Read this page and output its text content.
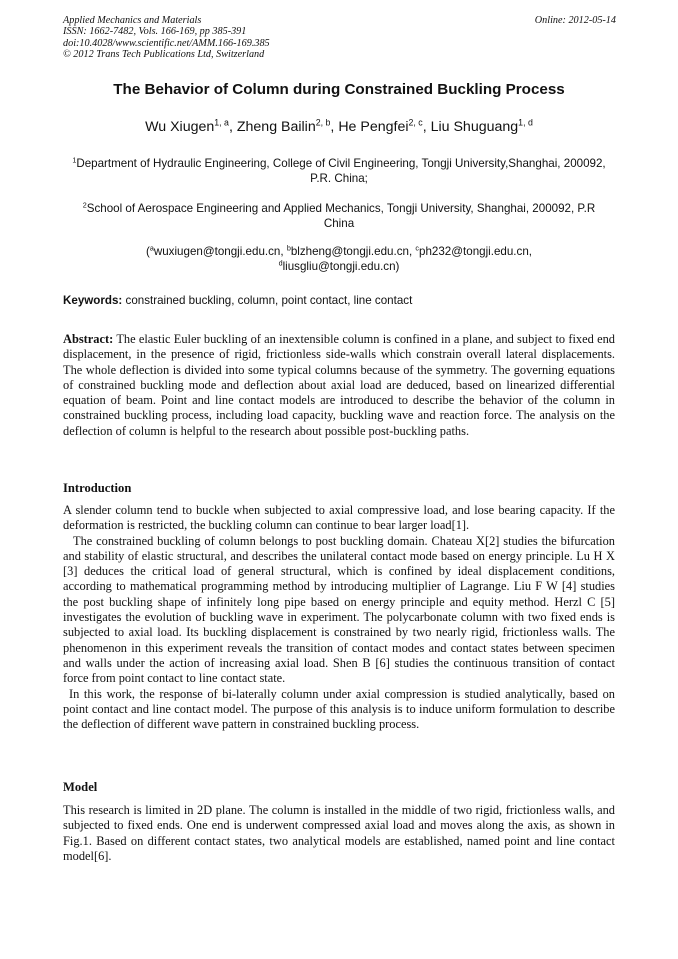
Applied Mechanics and Materials
ISSN: 1662-7482, Vols. 166-169, pp 385-391
doi:10.4028/www.scientific.net/AMM.166-169.385
© 2012 Trans Tech Publications Ltd, Switzerland
Online: 2012-05-14
The Behavior of Column during Constrained Buckling Process
Wu Xiugen$^{1, a}$, Zheng Bailin$^{2, b}$, He Pengfei$^{2, c}$, Liu Shuguang$^{1, d}$
$^1$Department of Hydraulic Engineering, College of Civil Engineering, Tongji University,Shanghai, 200092, P.R. China;
$^2$School of Aerospace Engineering and Applied Mechanics, Tongji University, Shanghai, 200092, P.R China
($^a$wuxiugen@tongji.edu.cn, $^b$blzheng@tongji.edu.cn, $^c$ph232@tongji.edu.cn, $^d$liusgliu@tongji.edu.cn)
Keywords: constrained buckling, column, point contact, line contact

Abstract: The elastic Euler buckling of an inextensible column is confined in a plane, and subject to fixed end displacement, in the presence of rigid, frictionless side-walls which constrain overall lateral displacements. The whole deflection is divided into some typical columns because of the symmetry. The governing equations of constrained buckling mode and deflection about axial load are deduced, based on linearized differential equation of beam. Point and line contact models are introduced to describe the behavior of the column in constrained buckling process, including load capacity, buckling wave and reaction force. The analysis on the deflection of column is helpful to the research about possible post-buckling paths.

Introduction

A slender column tend to buckle when subjected to axial compressive load, and lose bearing capacity. If the deformation is restricted, the buckling column can continue to bear larger load[1].

The constrained buckling of column belongs to post buckling domain. Chateau X[2] studies the bifurcation and stability of elastic structural, and describes the unilateral contact mode based on energy principle. Lu H X [3] deduces the critical load of general structural, which is confined by ideal displacement conditions, according to mathematical programming method by introducing multiplier of Lagrange. Liu F W [4] studies the post buckling shape of infinitely long pipe based on energy principle and equity method. Herzl C [5] investigates the evolution of buckling wave in experiment. The polycarbonate column with two fixed ends is subjected to axial load. Its buckling displacement is constrained by two nearly rigid, frictionless walls. The phenomenon in this experiment reveals the transition of contact modes and contact states between specimen and walls under the action of increasing axial load. Shen B [6] studies the continuous transition of contact force from point contact to line contact state.

In this work, the response of bi-laterally column under axial compression is studied analytically, based on point contact and line contact model. The purpose of this analysis is to induce uniform formulation to describe the deflection of different wave pattern in constrained buckling process.

Model

This research is limited in 2D plane. The column is installed in the middle of two rigid, frictionless walls, and subjected to fixed ends. One end is underwent compressed axial load and moves along the axis, as shown in Fig.1. Based on different contact states, two analytical models are established, named point and line contact model[6].
